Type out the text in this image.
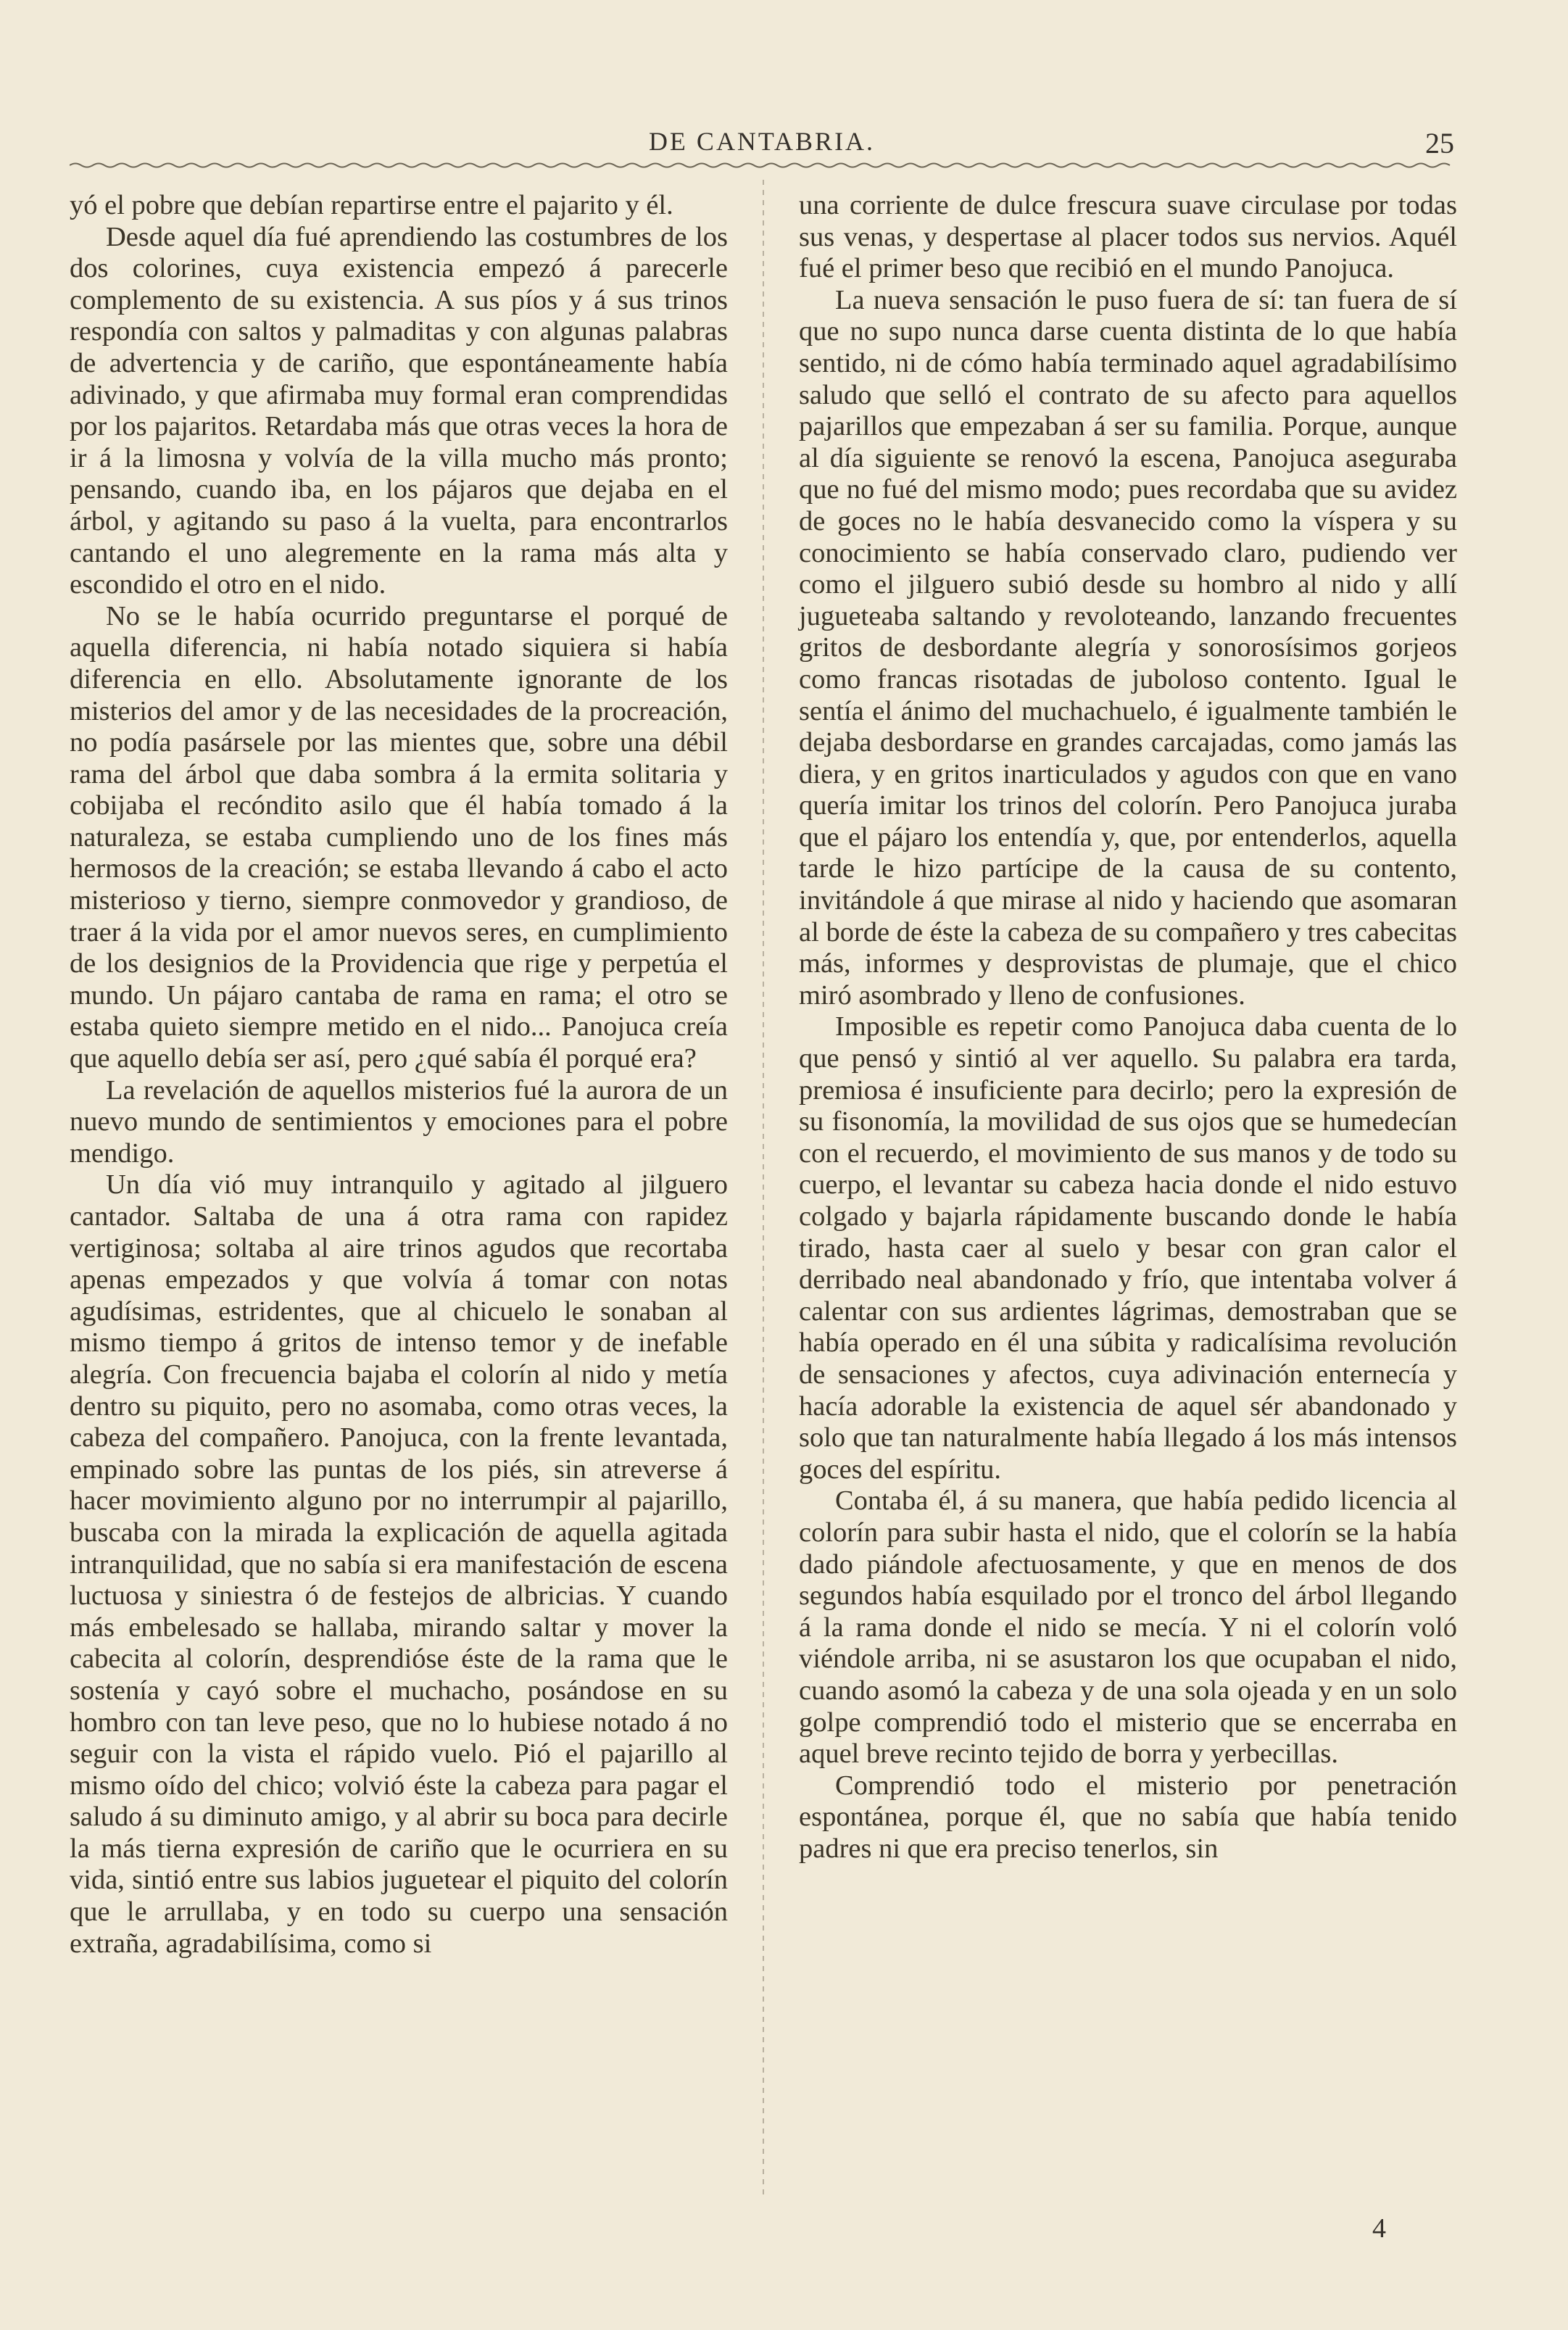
DE CANTABRIA.	25

yó el pobre que debían repartirse entre el pajarito y él.

Desde aquel día fué aprendiendo las costumbres de los dos colorines, cuya existencia empezó á parecerle complemento de su existencia. A sus píos y á sus trinos respondía con saltos y palmaditas y con algunas palabras de advertencia y de cariño, que espontáneamente había adivinado, y que afirmaba muy formal eran comprendidas por los pajaritos. Retardaba más que otras veces la hora de ir á la limosna y volvía de la villa mucho más pronto; pensando, cuando iba, en los pájaros que dejaba en el árbol, y agitando su paso á la vuelta, para encontrarlos cantando el uno alegremente en la rama más alta y escondido el otro en el nido.

No se le había ocurrido preguntarse el porqué de aquella diferencia, ni había notado siquiera si había diferencia en ello. Absolutamente ignorante de los misterios del amor y de las necesidades de la procreación, no podía pasársele por las mientes que, sobre una débil rama del árbol que daba sombra á la ermita solitaria y cobijaba el recóndito asilo que él había tomado á la naturaleza, se estaba cumpliendo uno de los fines más hermosos de la creación; se estaba llevando á cabo el acto misterioso y tierno, siempre conmovedor y grandioso, de traer á la vida por el amor nuevos seres, en cumplimiento de los designios de la Providencia que rige y perpetúa el mundo. Un pájaro cantaba de rama en rama; el otro se estaba quieto siempre metido en el nido... Panojuca creía que aquello debía ser así, pero ¿qué sabía él porqué era?

La revelación de aquellos misterios fué la aurora de un nuevo mundo de sentimientos y emociones para el pobre mendigo.

Un día vió muy intranquilo y agitado al jilguero cantador. Saltaba de una á otra rama con rapidez vertiginosa; soltaba al aire trinos agudos que recortaba apenas empezados y que volvía á tomar con notas agudísimas, estridentes, que al chicuelo le sonaban al mismo tiempo á gritos de intenso temor y de inefable alegría. Con frecuencia bajaba el colorín al nido y metía dentro su piquito, pero no asomaba, como otras veces, la cabeza del compañero. Panojuca, con la frente levantada, empinado sobre las puntas de los piés, sin atreverse á hacer movimiento alguno por no interrumpir al pajarillo, buscaba con la mirada la explicación de aquella agitada intranquilidad, que no sabía si era manifestación de escena luctuosa y siniestra ó de festejos de albricias. Y cuando más embelesado se hallaba, mirando saltar y mover la cabecita al colorín, desprendióse éste de la rama que le sostenía y cayó sobre el muchacho, posándose en su hombro con tan leve peso, que no lo hubiese notado á no seguir con la vista el rápido vuelo. Pió el pajarillo al mismo oído del chico; volvió éste la cabeza para pagar el saludo á su diminuto amigo, y al abrir su boca para decirle la más tierna expresión de cariño que le ocurriera en su vida, sintió entre sus labios juguetear el piquito del colorín que le arrullaba, y en todo su cuerpo una sensación extraña, agradabilísima, como si

una corriente de dulce frescura suave circulase por todas sus venas, y despertase al placer todos sus nervios. Aquél fué el primer beso que recibió en el mundo Panojuca.

La nueva sensación le puso fuera de sí: tan fuera de sí que no supo nunca darse cuenta distinta de lo que había sentido, ni de cómo había terminado aquel agradabilísimo saludo que selló el contrato de su afecto para aquellos pajarillos que empezaban á ser su familia. Porque, aunque al día siguiente se renovó la escena, Panojuca aseguraba que no fué del mismo modo; pues recordaba que su avidez de goces no le había desvanecido como la víspera y su conocimiento se había conservado claro, pudiendo ver como el jilguero subió desde su hombro al nido y allí jugueteaba saltando y revoloteando, lanzando frecuentes gritos de desbordante alegría y sonorosísimos gorjeos como francas risotadas de juboloso contento. Igual le sentía el ánimo del muchachuelo, é igualmente también le dejaba desbordarse en grandes carcajadas, como jamás las diera, y en gritos inarticulados y agudos con que en vano quería imitar los trinos del colorín. Pero Panojuca juraba que el pájaro los entendía y, que, por entenderlos, aquella tarde le hizo partícipe de la causa de su contento, invitándole á que mirase al nido y haciendo que asomaran al borde de éste la cabeza de su compañero y tres cabecitas más, informes y desprovistas de plumaje, que el chico miró asombrado y lleno de confusiones.

Imposible es repetir como Panojuca daba cuenta de lo que pensó y sintió al ver aquello. Su palabra era tarda, premiosa é insuficiente para decirlo; pero la expresión de su fisonomía, la movilidad de sus ojos que se humedecían con el recuerdo, el movimiento de sus manos y de todo su cuerpo, el levantar su cabeza hacia donde el nido estuvo colgado y bajarla rápidamente buscando donde le había tirado, hasta caer al suelo y besar con gran calor el derribado neal abandonado y frío, que intentaba volver á calentar con sus ardientes lágrimas, demostraban que se había operado en él una súbita y radicalísima revolución de sensaciones y afectos, cuya adivinación enternecía y hacía adorable la existencia de aquel sér abandonado y solo que tan naturalmente había llegado á los más intensos goces del espíritu.

Contaba él, á su manera, que había pedido licencia al colorín para subir hasta el nido, que el colorín se la había dado piándole afectuosamente, y que en menos de dos segundos había esquilado por el tronco del árbol llegando á la rama donde el nido se mecía. Y ni el colorín voló viéndole arriba, ni se asustaron los que ocupaban el nido, cuando asomó la cabeza y de una sola ojeada y en un solo golpe comprendió todo el misterio que se encerraba en aquel breve recinto tejido de borra y yerbecillas.

Comprendió todo el misterio por penetración espontánea, porque él, que no sabía que había tenido padres ni que era preciso tenerlos, sin

4
